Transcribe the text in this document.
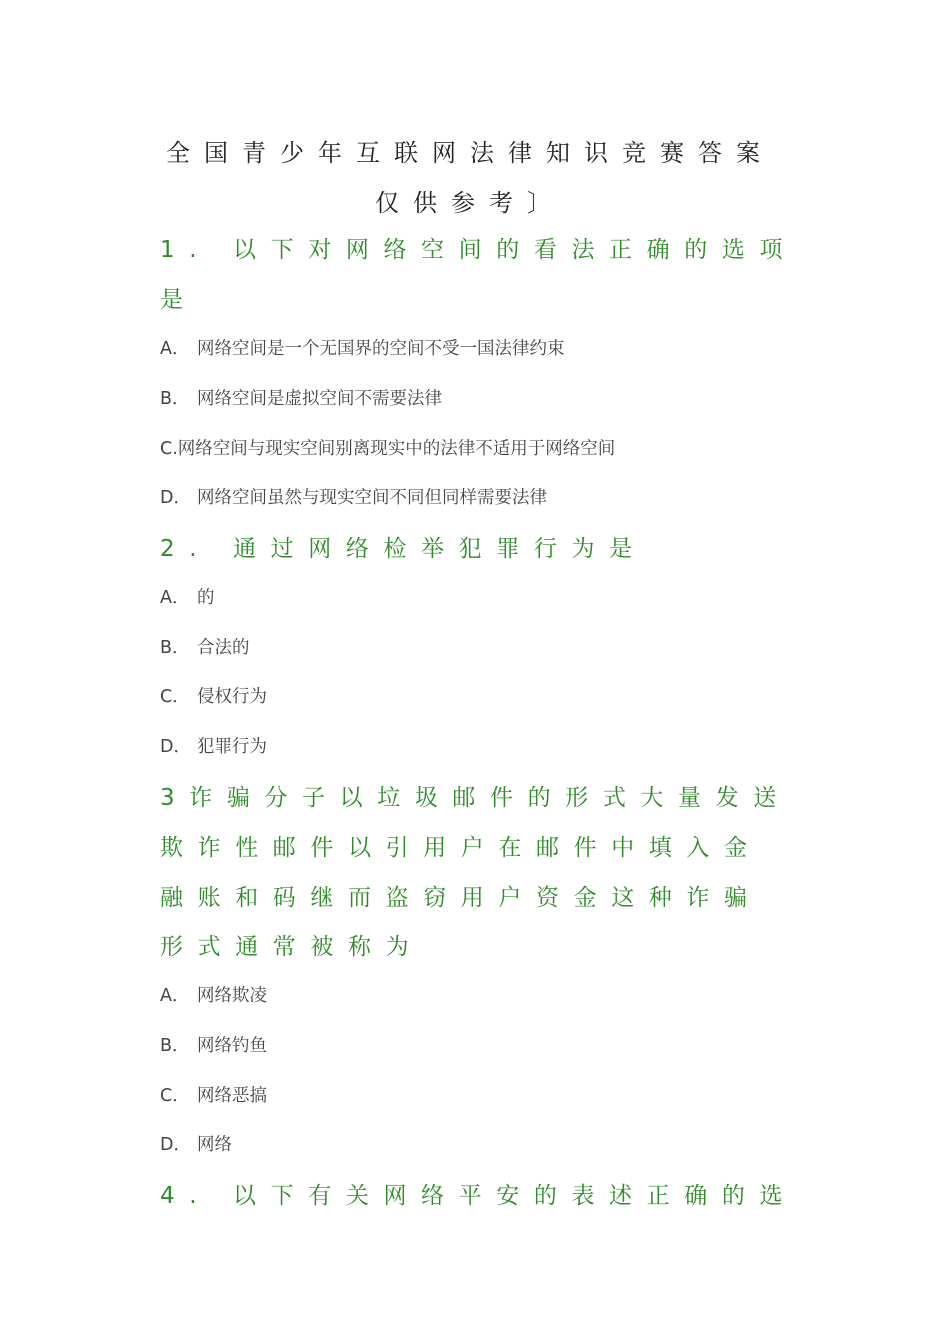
全国青少年互联网法律知识竞赛答案
仅供参考〕
1. 以下对网络空间的看法正确的选项
是
A． 网络空间是一个无国界的空间不受一国法律约束
B． 网络空间是虚拟空间不需要法律
C.网络空间与现实空间别离现实中的法律不适用于网络空间
D． 网络空间虽然与现实空间不同但同样需要法律
2. 通过网络检举犯罪行为是
A． 的
B． 合法的
C． 侵权行为
D． 犯罪行为
3诈骗分子以垃圾邮件的形式大量发送
欺诈性邮件以引用户在邮件中填入金
融账和码继而盗窃用户资金这种诈骗
形式通常被称为
A． 网络欺凌
B． 网络钓鱼
C． 网络恶搞
D． 网络
4. 以下有关网络平安的表述正确的选
